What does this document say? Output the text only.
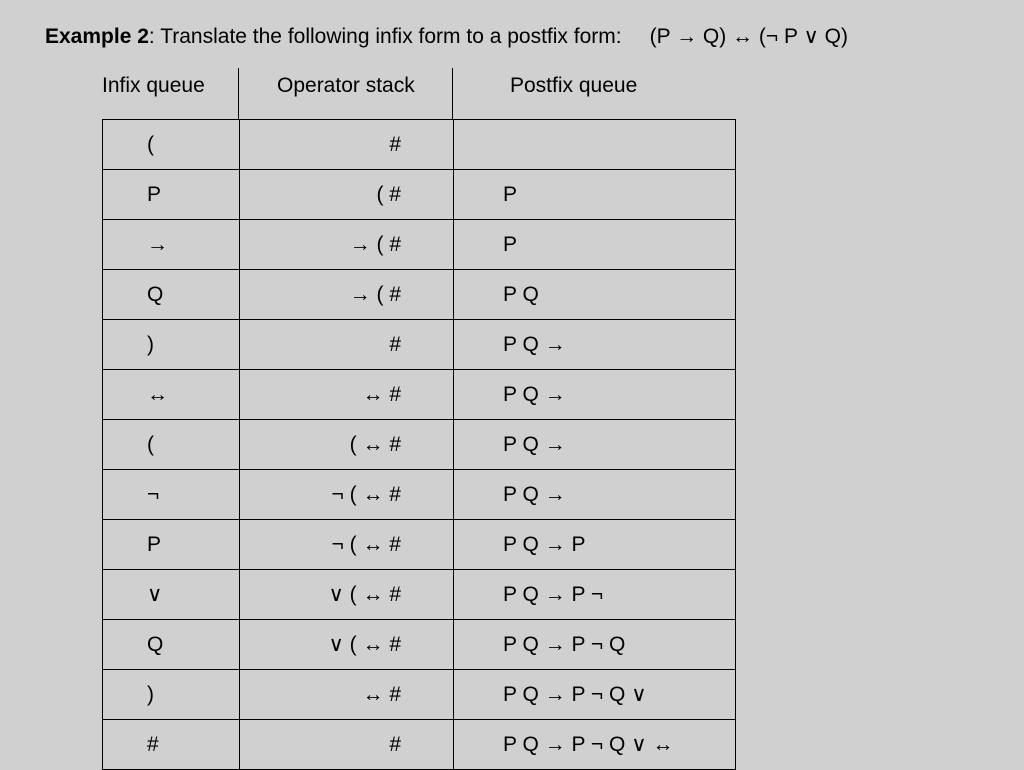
Example 2: Translate the following infix form to a postfix form: (P → Q) ↔ (¬ P ∨ Q)
Infix queue	Operator stack	Postfix queue
(	#
P	( #	P
→	→ ( #	P
Q	→ ( #	P Q
)	#	P Q →
↔	↔ #	P Q →
(	( ↔ #	P Q →
¬	¬ ( ↔ #	P Q →
P	¬ ( ↔ #	P Q → P
∨	∨ ( ↔ #	P Q → P ¬
Q	∨ ( ↔ #	P Q → P ¬ Q
)	↔ #	P Q → P ¬ Q ∨
#	#	P Q → P ¬ Q ∨ ↔
